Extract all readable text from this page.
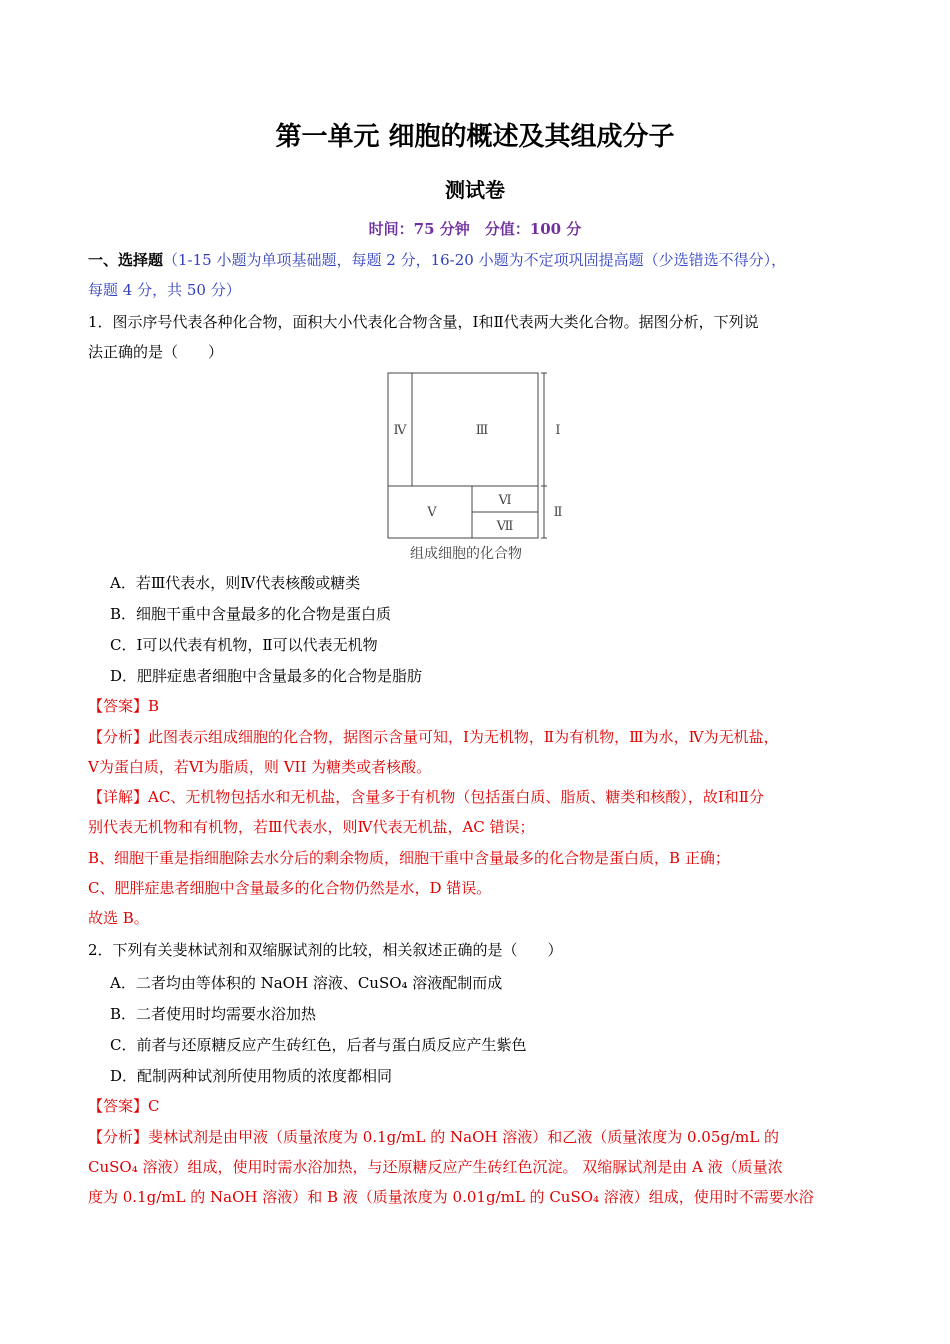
第一单元 细胞的概述及其组成分子
测试卷
时间：75 分钟　分值：100 分
一、选择题（1-15 小题为单项基础题，每题 2 分，16-20 小题为不定项巩固提高题（少选错选不得分），
每题 4 分，共 50 分）
1．图示序号代表各种化合物，面积大小代表化合物含量，Ⅰ和Ⅱ代表两大类化合物。据图分析，下列说
法正确的是（　　）
Ⅳ	Ⅲ	Ⅰ
Ⅴ
Ⅵ
Ⅶ
Ⅱ
组成细胞的化合物
A．若Ⅲ代表水，则Ⅳ代表核酸或糖类
B．细胞干重中含量最多的化合物是蛋白质
C．Ⅰ可以代表有机物，Ⅱ可以代表无机物
D．肥胖症患者细胞中含量最多的化合物是脂肪
【答案】B
【分析】此图表示组成细胞的化合物，据图示含量可知，Ⅰ为无机物，Ⅱ为有机物，Ⅲ为水，Ⅳ为无机盐，
Ⅴ为蛋白质，若Ⅵ为脂质，则 VII 为糖类或者核酸。
【详解】AC、无机物包括水和无机盐，含量多于有机物（包括蛋白质、脂质、糖类和核酸），故Ⅰ和Ⅱ分
别代表无机物和有机物，若Ⅲ代表水，则Ⅳ代表无机盐，AC 错误；
B、细胞干重是指细胞除去水分后的剩余物质，细胞干重中含量最多的化合物是蛋白质，B 正确；
C、肥胖症患者细胞中含量最多的化合物仍然是水，D 错误。
故选 B。
2．下列有关斐林试剂和双缩脲试剂的比较，相关叙述正确的是（　　）
A．二者均由等体积的 NaOH 溶液、CuSO₄ 溶液配制而成
B．二者使用时均需要水浴加热
C．前者与还原糖反应产生砖红色，后者与蛋白质反应产生紫色
D．配制两种试剂所使用物质的浓度都相同
【答案】C
【分析】斐林试剂是由甲液（质量浓度为 0.1g/mL 的 NaOH 溶液）和乙液（质量浓度为 0.05g/mL 的
CuSO₄ 溶液）组成，使用时需水浴加热，与还原糖反应产生砖红色沉淀。 双缩脲试剂是由 A 液（质量浓
度为 0.1g/mL 的 NaOH 溶液）和 B 液（质量浓度为 0.01g/mL 的 CuSO₄ 溶液）组成，使用时不需要水浴
